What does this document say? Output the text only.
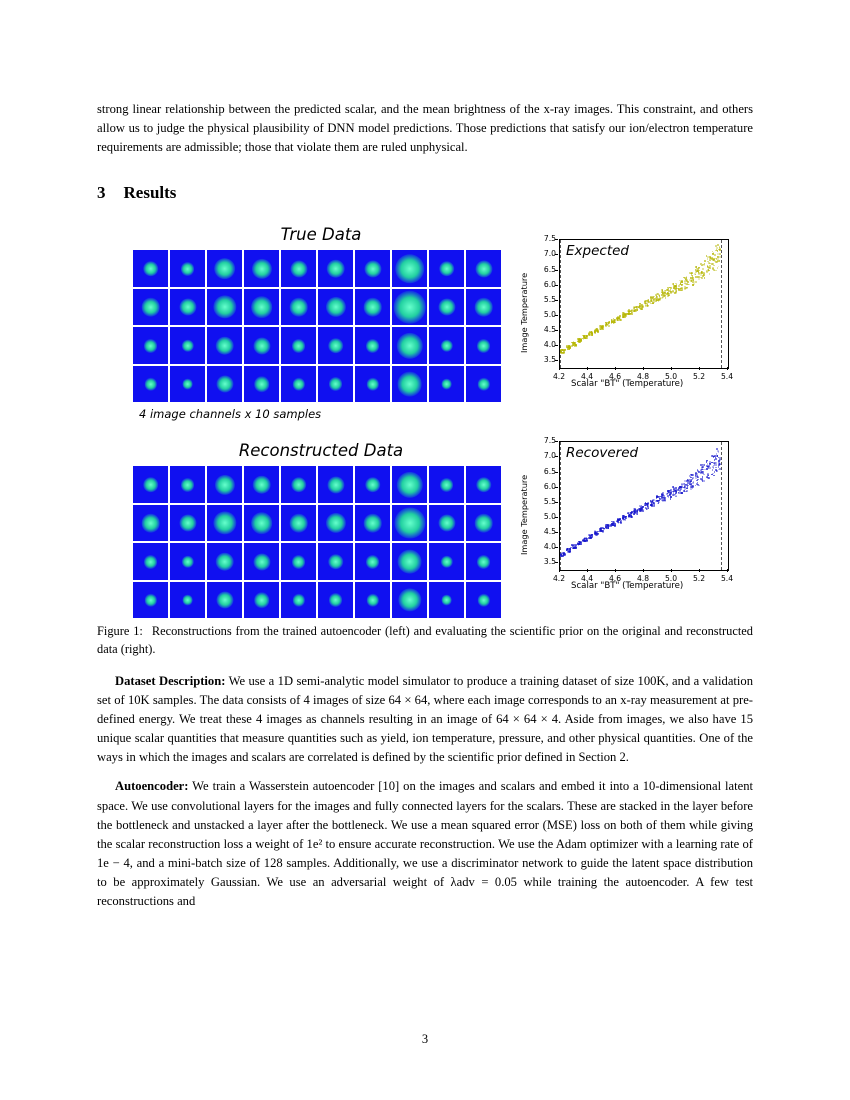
strong linear relationship between the predicted scalar, and the mean brightness of the x-ray images. This constraint, and others allow us to judge the physical plausibility of DNN model predictions. Those predictions that satisfy our ion/electron temperature requirements are admissible; those that violate them are ruled unphysical.

3 Results
True Data
4 image channels x 10 samples
Reconstructed Data
Image Temperature
3.5
4.0
4.5
5.0
5.5
6.0
6.5
7.0
7.5
4.2 4.4 4.6 4.8 5.0 5.2 5.4
Expected
Scalar "BT" (Temperature)
Image Temperature
3.5
4.0
4.5
5.0
5.5
6.0
6.5
7.0
7.5
4.2 4.4 4.6 4.8 5.0 5.2 5.4
Recovered
Scalar "BT" (Temperature)

Figure 1: Reconstructions from the trained autoencoder (left) and evaluating the scientific prior on the original and reconstructed data (right).

Dataset Description: We use a 1D semi-analytic model simulator to produce a training dataset of size 100K, and a validation set of 10K samples. The data consists of 4 images of size 64 × 64, where each image corresponds to an x-ray measurement at pre-defined energy. We treat these 4 images as channels resulting in an image of 64 × 64 × 4. Aside from images, we also have 15 unique scalar quantities that measure quantities such as yield, ion temperature, pressure, and other physical quantities. One of the ways in which the images and scalars are correlated is defined by the scientific prior defined in Section 2.

Autoencoder: We train a Wasserstein autoencoder [10] on the images and scalars and embed it into a 10-dimensional latent space. We use convolutional layers for the images and fully connected layers for the scalars. These are stacked in the layer before the bottleneck and unstacked a layer after the bottleneck. We use a mean squared error (MSE) loss on both of them while giving the scalar reconstruction loss a weight of 1e² to ensure accurate reconstruction. We use the Adam optimizer with a learning rate of 1e − 4, and a mini-batch size of 128 samples. Additionally, we use a discriminator network to guide the latent space distribution to be approximately Gaussian. We use an adversarial weight of λadv = 0.05 while training the autoencoder. A few test reconstructions and

3
